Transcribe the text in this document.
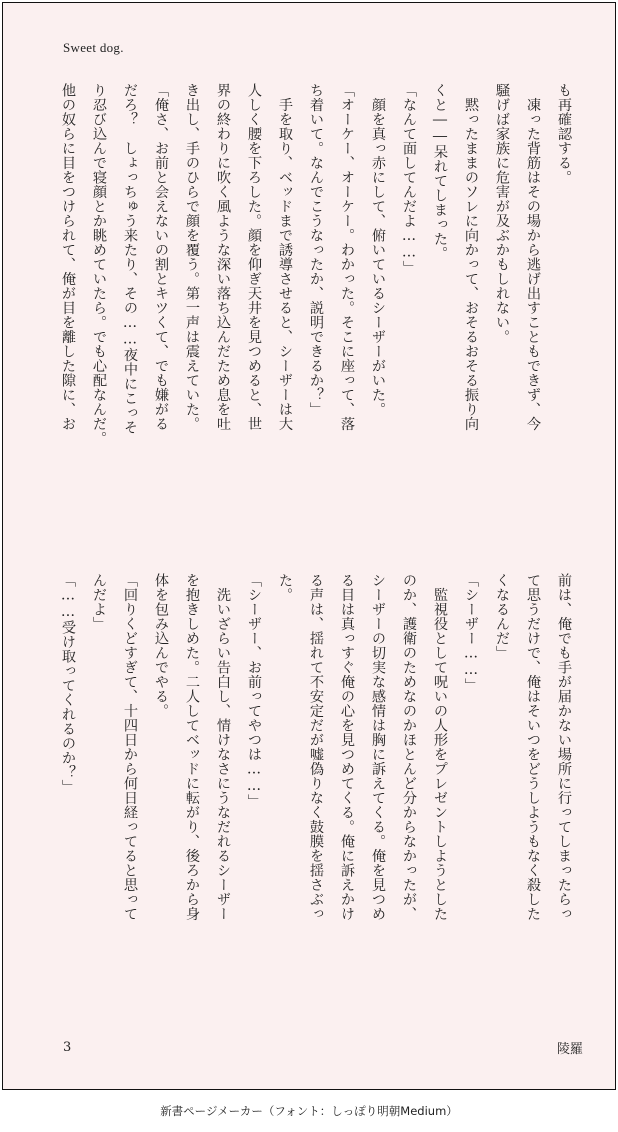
Sweet dog.
も再確認する。
　凍った背筋はその場から逃げ出すこともできず、今
騒げば家族に危害が及ぶかもしれない。
　黙ったままのソレに向かって、おそるおそる振り向
くと――呆れてしまった。
「なんて面してんだよ……」
　顔を真っ赤にして、俯いているシーザーがいた。
「オーケー、オーケー。わかった。そこに座って、落
ち着いて。なんでこうなったか、説明できるか？」
　手を取り、ベッドまで誘導させると、シーザーは大
人しく腰を下ろした。顔を仰ぎ天井を見つめると、世
界の終わりに吹く風ような深い落ち込んだため息を吐
き出し、手のひらで顔を覆う。第一声は震えていた。
「俺さ、お前と会えないの割とキツくて、でも嫌がる
だろ？　しょっちゅう来たり、その……夜中にこっそ
り忍び込んで寝顔とか眺めていたら。でも心配なんだ。
他の奴らに目をつけられて、俺が目を離した隙に、お
前は、俺でも手が届かない場所に行ってしまったらっ
て思うだけで、俺はそいつをどうしようもなく殺した
くなるんだ」
「シーザー……」
　監視役として呪いの人形をプレゼントしようとした
のか、護衛のためなのかほとんど分からなかったが、
シーザーの切実な感情は胸に訴えてくる。俺を見つめ
る目は真っすぐ俺の心を見つめてくる。俺に訴えかけ
る声は、揺れて不安定だが嘘偽りなく鼓膜を揺さぶっ
た。
「シーザー、お前ってやつは……」
　洗いざらい告白し、情けなさにうなだれるシーザー
を抱きしめた。二人してベッドに転がり、後ろから身
体を包み込んでやる。
「回りくどすぎて、十四日から何日経ってると思って
んだよ」
「……受け取ってくれるのか？」
3	陵羅
新書ページメーカー（フォント：しっぽり明朝Medium）
